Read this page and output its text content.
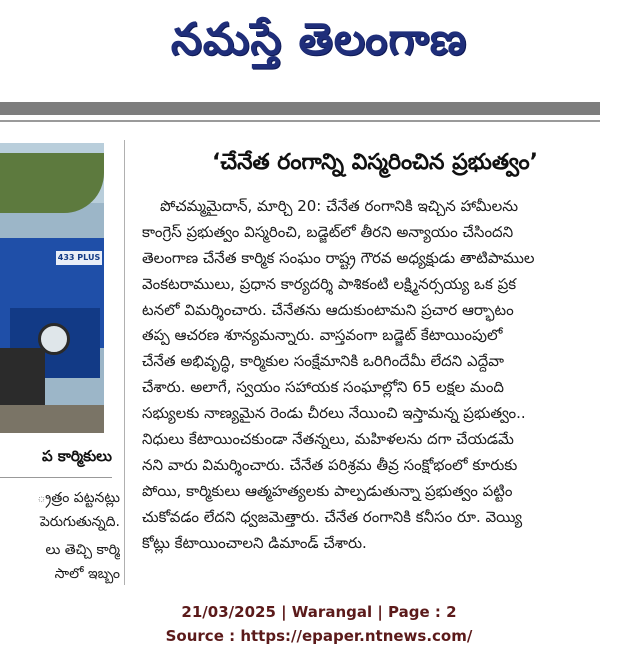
నమస్తే తెలంగాణ
433 PLUS
ప కార్మికులు
్రత్రం పట్టనట్లు
పెరుగుతున్నది.
లు తెచ్చి కార్మి
సాలో ఇబ్బం
‘చేనేత రంగాన్ని విస్మరించిన ప్రభుత్వం’
పోచమ్మమైదాన్, మార్చి 20: చేనేత రంగానికి ఇచ్చిన హామీలను
కాంగ్రెస్ ప్రభుత్వం విస్మరించి, బడ్జెట్‌లో తీరని అన్యాయం చేసిందని
తెలంగాణ చేనేత కార్మిక సంఘం రాష్ట్ర గౌరవ అధ్యక్షుడు తాటిపాముల
వెంకటరాములు, ప్రధాన కార్యదర్శి పాశికంటి లక్ష్మినర్సయ్య ఒక ప్రక
టనలో విమర్శించారు. చేనేతను ఆదుకుంటామని ప్రచార ఆర్భాటం
తప్ప ఆచరణ శూన్యమన్నారు. వాస్తవంగా బడ్జెట్ కేటాయింపులో
చేనేత అభివృద్ధి, కార్మికుల సంక్షేమానికి ఒరిగిందేమీ లేదని ఎద్దేవా
చేశారు. అలాగే, స్వయం సహాయక సంఘాల్లోని 65 లక్షల మంది
సభ్యులకు నాణ్యమైన రెండు చీరలు నేయించి ఇస్తామన్న ప్రభుత్వం..
నిధులు కేటాయించకుండా నేతన్నలు, మహిళలను దగా చేయడమే
నని వారు విమర్శించారు. చేనేత పరిశ్రమ తీవ్ర సంక్షోభంలో కూరుకు
పోయి, కార్మికులు ఆత్మహత్యలకు పాల్పడుతున్నా ప్రభుత్వం పట్టిం
చుకోవడం లేదని ధ్వజమెత్తారు. చేనేత రంగానికి కనీసం రూ. వెయ్యి
కోట్లు కేటాయించాలని డిమాండ్ చేశారు.
21/03/2025 | Warangal | Page : 2
Source : https://epaper.ntnews.com/
